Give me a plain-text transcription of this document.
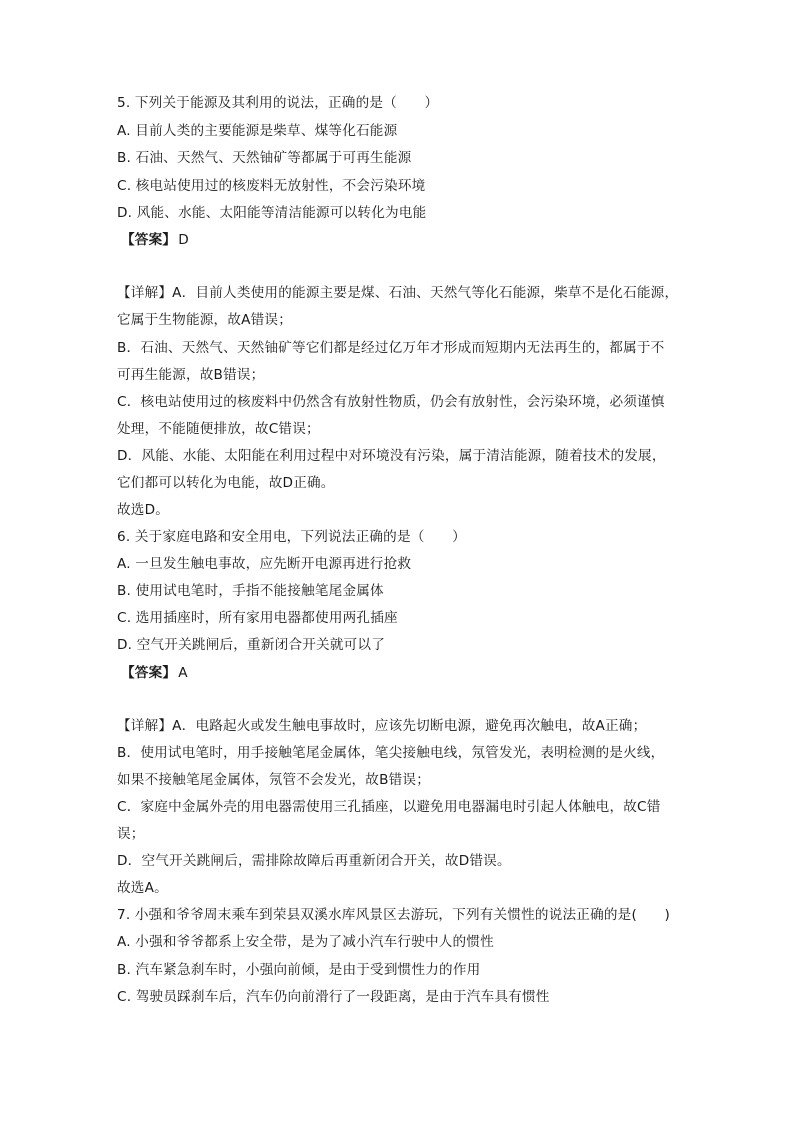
5. 下列关于能源及其利用的说法，正确的是（　　）
A. 目前人类的主要能源是柴草、煤等化石能源
B. 石油、天然气、天然铀矿等都属于可再生能源
C. 核电站使用过的核废料无放射性，不会污染环境
D. 风能、水能、太阳能等清洁能源可以转化为电能
【答案】 D
【详解】A．目前人类使用的能源主要是煤、石油、天然气等化石能源，柴草不是化石能源，
它属于生物能源，故A错误；
B．石油、天然气、天然铀矿等它们都是经过亿万年才形成而短期内无法再生的，都属于不
可再生能源，故B错误；
C．核电站使用过的核废料中仍然含有放射性物质，仍会有放射性，会污染环境，必须谨慎
处理，不能随便排放，故C错误；
D．风能、水能、太阳能在利用过程中对环境没有污染，属于清洁能源，随着技术的发展，
它们都可以转化为电能，故D正确。
故选D。
6. 关于家庭电路和安全用电，下列说法正确的是（　　）
A. 一旦发生触电事故，应先断开电源再进行抢救
B. 使用试电笔时，手指不能接触笔尾金属体
C. 选用插座时，所有家用电器都使用两孔插座
D. 空气开关跳闸后，重新闭合开关就可以了
【答案】 A
【详解】A．电路起火或发生触电事故时，应该先切断电源，避免再次触电，故A正确；
B．使用试电笔时，用手接触笔尾金属体，笔尖接触电线，氖管发光，表明检测的是火线，
如果不接触笔尾金属体，氖管不会发光，故B错误；
C．家庭中金属外壳的用电器需使用三孔插座，以避免用电器漏电时引起人体触电，故C错
误；
D．空气开关跳闸后，需排除故障后再重新闭合开关，故D错误。
故选A。
7. 小强和爷爷周末乘车到荣县双溪水库风景区去游玩，下列有关惯性的说法正确的是(　　)
A. 小强和爷爷都系上安全带，是为了减小汽车行驶中人的惯性
B. 汽车紧急刹车时，小强向前倾，是由于受到惯性力的作用
C. 驾驶员踩刹车后，汽车仍向前滑行了一段距离，是由于汽车具有惯性
